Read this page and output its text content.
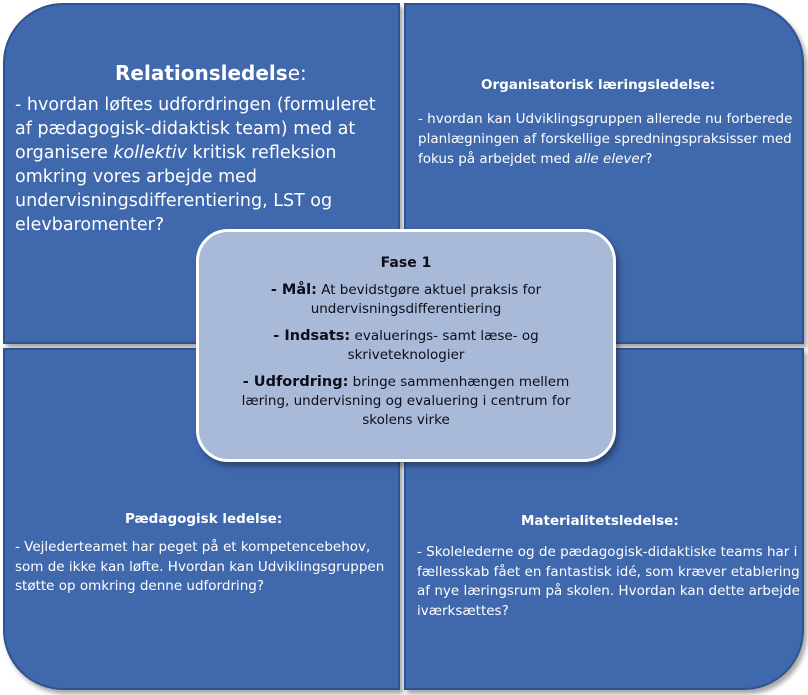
Relationsledelse:
- hvordan løftes udfordringen (formuleret af pædagogisk-didaktisk team) med at organisere kollektiv kritisk refleksion omkring vores arbejde med undervisningsdifferentiering, LST og elevbaromenter?
Organisatorisk læringsledelse:
- hvordan kan Udviklingsgruppen allerede nu forberede planlægningen af forskellige spredningspraksisser med fokus på arbejdet med alle elever?
Pædagogisk ledelse:
- Vejlederteamet har peget på et kompetencebehov, som de ikke kan løfte. Hvordan kan Udviklingsgruppen støtte op omkring denne udfordring?
Materialitetsledelse:
- Skolelederne og de pædagogisk-didaktiske teams har i fællesskab fået en fantastisk idé, som kræver etablering af nye læringsrum på skolen. Hvordan kan dette arbejde iværksættes?
Fase 1
- Mål: At bevidstgøre aktuel praksis for undervisningsdifferentiering
- Indsats: evaluerings- samt læse- og skriveteknologier
- Udfordring: bringe sammenhængen mellem læring, undervisning og evaluering i centrum for skolens virke
